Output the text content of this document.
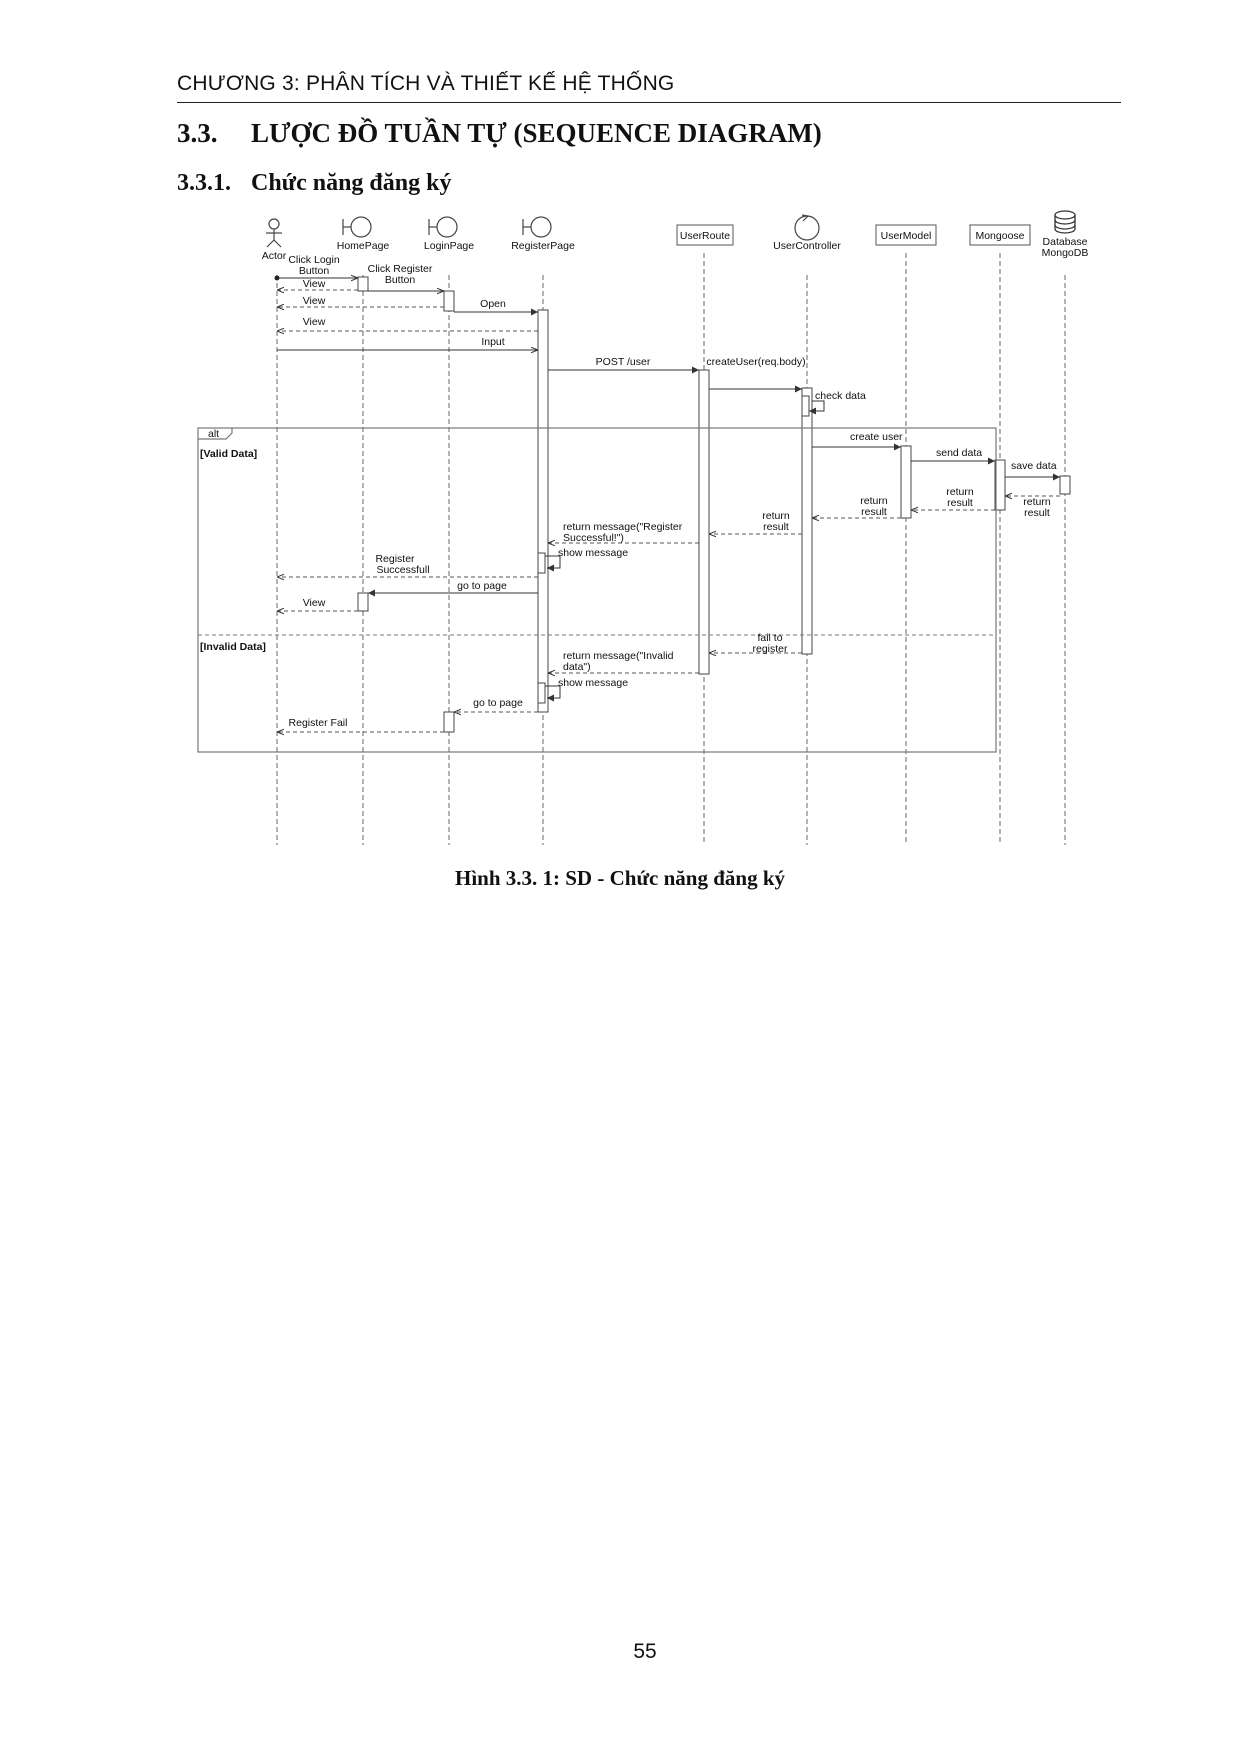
CHƯƠNG 3: PHÂN TÍCH VÀ THIẾT KẾ HỆ THỐNG
3.3. LƯỢC ĐỒ TUẦN TỰ (SEQUENCE DIAGRAM)
3.3.1. Chức năng đăng ký
Actor
HomePage	LoginPage	RegisterPage
UserRoute
UserController
UserModel	Mongoose Database
MongoDB
Click Login
Button	Click Register
Button
View
View	Open
View
Input
POST /user	createUser(req.body)
check data
alt
[Valid Data]
[Invalid Data]
create user
send data
save data
return
result
return
result
return
result
return
result
return message("Register
Successful!")
show message
Register
Successfull
go to page
View
fail to
register
return message("Invalid
data")
show message
go to page
Register Fail
Hình 3.3. 1: SD - Chức năng đăng ký
55
